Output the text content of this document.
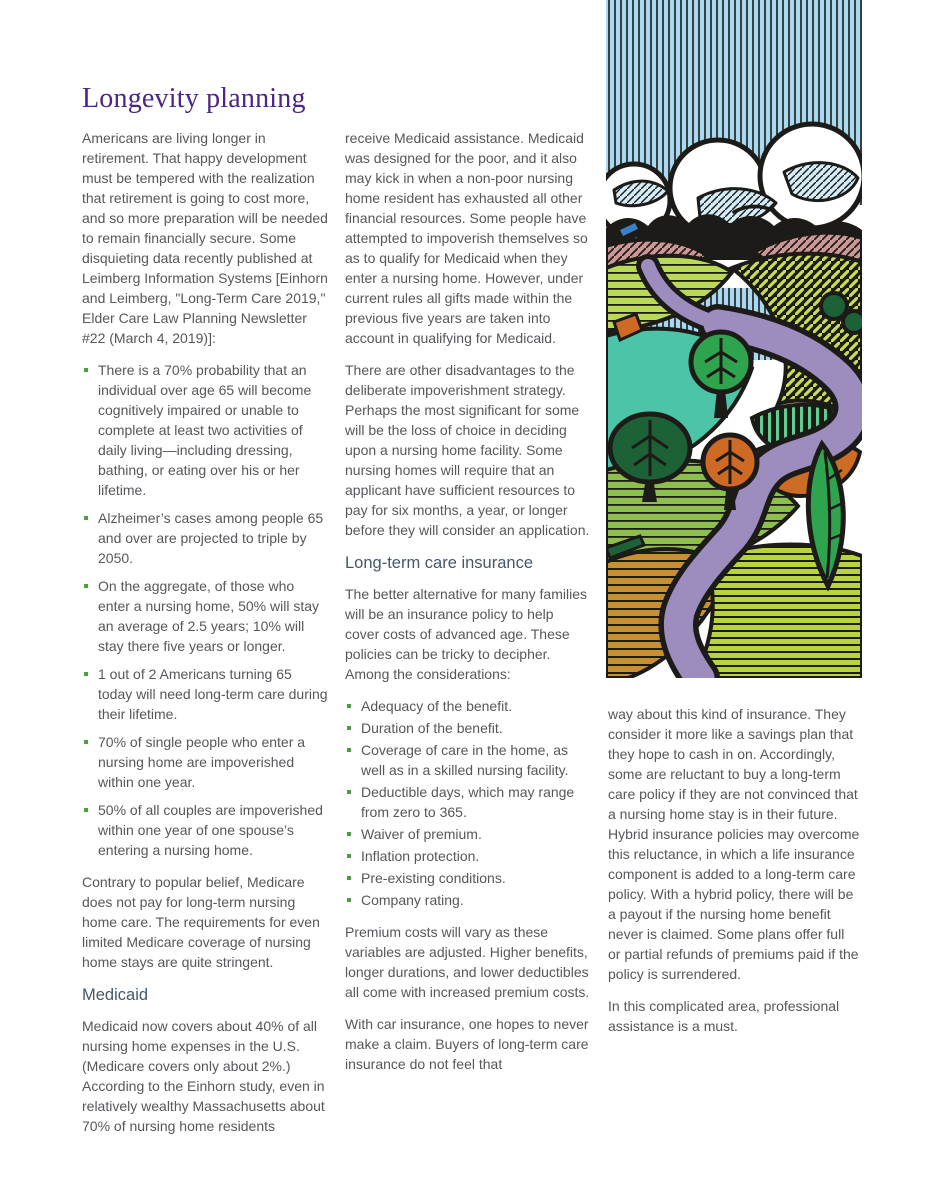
Longevity planning

Americans are living longer in retirement. That happy development must be tempered with the realization that retirement is going to cost more, and so more preparation will be needed to remain financially secure. Some disquieting data recently published at Leimberg Information Systems [Einhorn and Leimberg, "Long-Term Care 2019," Elder Care Law Planning Newsletter #22 (March 4, 2019)]:

There is a 70% probability that an individual over age 65 will become cognitively impaired or unable to complete at least two activities of daily living—including dressing, bathing, or eating over his or her lifetime.
Alzheimer’s cases among people 65 and over are projected to triple by 2050.
On the aggregate, of those who enter a nursing home, 50% will stay an average of 2.5 years; 10% will stay there five years or longer.
1 out of 2 Americans turning 65 today will need long-term care during their lifetime.
70% of single people who enter a nursing home are impoverished within one year.
50% of all couples are impoverished within one year of one spouse’s entering a nursing home.

Contrary to popular belief, Medicare does not pay for long-term nursing home care. The requirements for even limited Medicare coverage of nursing home stays are quite stringent.

Medicaid

Medicaid now covers about 40% of all nursing home expenses in the U.S. (Medicare covers only about 2%.) According to the Einhorn study, even in relatively wealthy Massachusetts about 70% of nursing home residents

receive Medicaid assistance. Medicaid was designed for the poor, and it also may kick in when a non-poor nursing home resident has exhausted all other financial resources. Some people have attempted to impoverish themselves so as to qualify for Medicaid when they enter a nursing home. However, under current rules all gifts made within the previous five years are taken into account in qualifying for Medicaid.

There are other disadvantages to the deliberate impoverishment strategy. Perhaps the most significant for some will be the loss of choice in deciding upon a nursing home facility. Some nursing homes will require that an applicant have sufficient resources to pay for six months, a year, or longer before they will consider an application.

Long-term care insurance

The better alternative for many families will be an insurance policy to help cover costs of advanced age. These policies can be tricky to decipher. Among the considerations:

Adequacy of the benefit.
Duration of the benefit.
Coverage of care in the home, as well as in a skilled nursing facility.
Deductible days, which may range from zero to 365.
Waiver of premium.
Inflation protection.
Pre-existing conditions.
Company rating.

Premium costs will vary as these variables are adjusted. Higher benefits, longer durations, and lower deductibles all come with increased premium costs.

With car insurance, one hopes to never make a claim. Buyers of long-term care insurance do not feel that

way about this kind of insurance. They consider it more like a savings plan that they hope to cash in on. Accordingly, some are reluctant to buy a long-term care policy if they are not convinced that a nursing home stay is in their future. Hybrid insurance policies may overcome this reluctance, in which a life insurance component is added to a long-term care policy. With a hybrid policy, there will be a payout if the nursing home benefit never is claimed. Some plans offer full or partial refunds of premiums paid if the policy is surrendered.

In this complicated area, professional assistance is a must.
